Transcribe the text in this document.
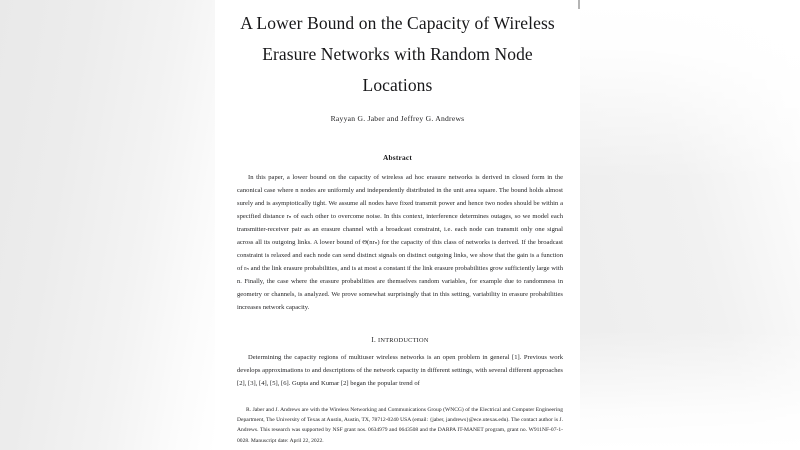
A Lower Bound on the Capacity of Wireless
Erasure Networks with Random Node
Locations
Rayyan G. Jaber and Jeffrey G. Andrews
Abstract

In this paper, a lower bound on the capacity of wireless ad hoc erasure networks is derived in closed form in the canonical case where n nodes are uniformly and independently distributed in the unit area square. The bound holds almost surely and is asymptotically tight. We assume all nodes have fixed transmit power and hence two nodes should be within a specified distance rₙ of each other to overcome noise. In this context, interference determines outages, so we model each transmitter-receiver pair as an erasure channel with a broadcast constraint, i.e. each node can transmit only one signal across all its outgoing links. A lower bound of Θ(nrₙ) for the capacity of this class of networks is derived. If the broadcast constraint is relaxed and each node can send distinct signals on distinct outgoing links, we show that the gain is a function of rₙ and the link erasure probabilities, and is at most a constant if the link erasure probabilities grow sufficiently large with n. Finally, the case where the erasure probabilities are themselves random variables, for example due to randomness in geometry or channels, is analyzed. We prove somewhat surprisingly that in this setting, variability in erasure probabilities increases network capacity.

I. INTRODUCTION

Determining the capacity regions of multiuser wireless networks is an open problem in general [1]. Previous work develops approximations to and descriptions of the network capacity in different settings, with several different approaches [2], [3], [4], [5], [6]. Gupta and Kumar [2] began the popular trend of

R. Jaber and J. Andrews are with the Wireless Networking and Communications Group (WNCG) of the Electrical and Computer Engineering Department, The University of Texas at Austin, Austin, TX, 78712-0240 USA (email: {jaber, jandrews}@ece.utexas.edu). The contact author is J. Andrews. This research was supported by NSF grant nos. 0634979 and 0643508 and the DARPA IT-MANET program, grant no. W911NF-07-1-0028. Manuscript date: April 22, 2022.
